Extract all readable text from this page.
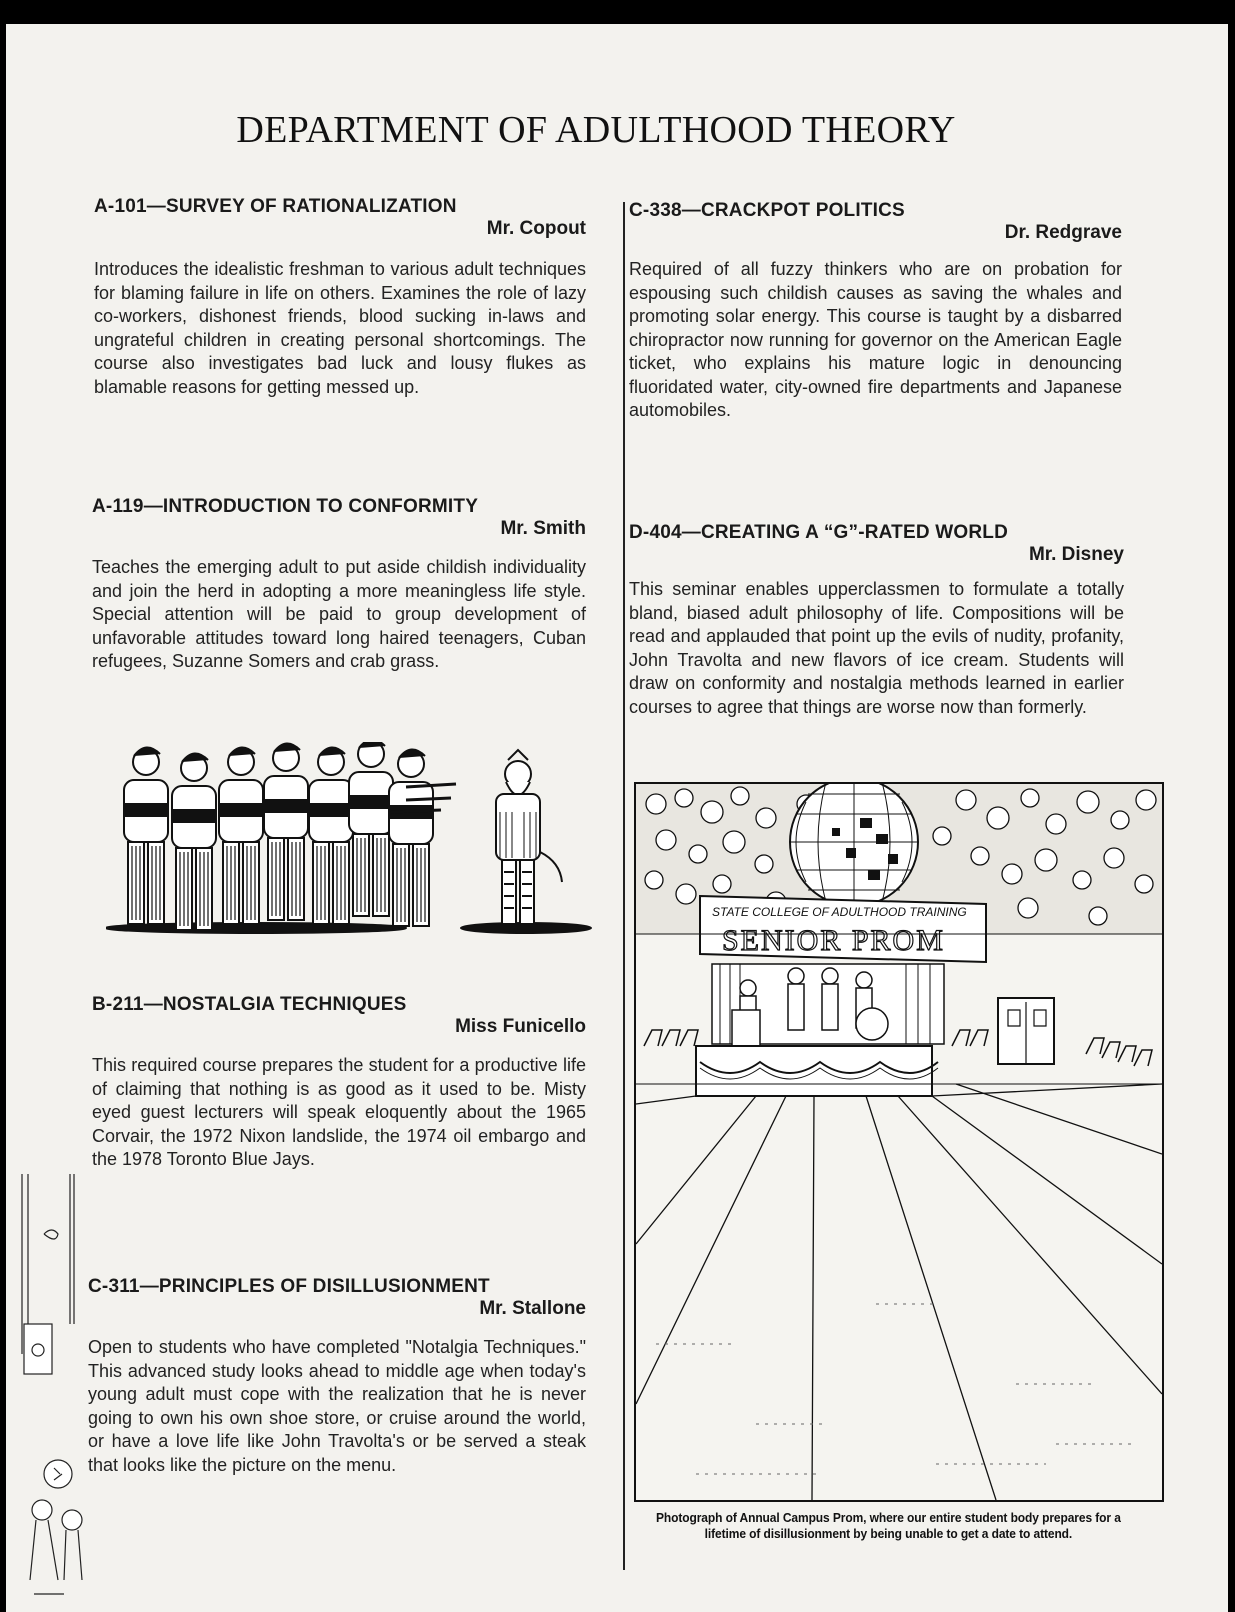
DEPARTMENT OF ADULTHOOD THEORY
A-101—SURVEY OF RATIONALIZATION
Mr. Copout
Introduces the idealistic freshman to various adult techniques for blaming failure in life on others. Examines the role of lazy co-workers, dishonest friends, blood sucking in-laws and ungrateful children in creating personal shortcomings. The course also investigates bad luck and lousy flukes as blamable reasons for getting messed up.
A-119—INTRODUCTION TO CONFORMITY
Mr. Smith
Teaches the emerging adult to put aside childish individuality and join the herd in adopting a more meaningless life style. Special attention will be paid to group development of unfavorable attitudes toward long haired teenagers, Cuban refugees, Suzanne Somers and crab grass.
B-211—NOSTALGIA TECHNIQUES
Miss Funicello
This required course prepares the student for a productive life of claiming that nothing is as good as it used to be. Misty eyed guest lecturers will speak eloquently about the 1965 Corvair, the 1972 Nixon landslide, the 1974 oil embargo and the 1978 Toronto Blue Jays.
C-311—PRINCIPLES OF DISILLUSIONMENT
Mr. Stallone
Open to students who have completed "Notalgia Techniques." This advanced study looks ahead to middle age when today's young adult must cope with the realization that he is never going to own his own shoe store, or cruise around the world, or have a love life like John Travolta's or be served a steak that looks like the picture on the menu.
C-338—CRACKPOT POLITICS
Dr. Redgrave
Required of all fuzzy thinkers who are on probation for espousing such childish causes as saving the whales and promoting solar energy. This course is taught by a disbarred chiropractor now running for governor on the American Eagle ticket, who explains his mature logic in denouncing fluoridated water, city-owned fire departments and Japanese automobiles.
D-404—CREATING A “G”-RATED WORLD
Mr. Disney
This seminar enables upperclassmen to formulate a totally bland, biased adult philosophy of life. Compositions will be read and applauded that point up the evils of nudity, profanity, John Travolta and new flavors of ice cream. Students will draw on conformity and nostalgia methods learned in earlier courses to agree that things are worse now than formerly.
STATE COLLEGE OF ADULTHOOD TRAINING
SENIOR PROM
Photograph of Annual Campus Prom, where our entire student body prepares for a lifetime of disillusionment by being unable to get a date to attend.
